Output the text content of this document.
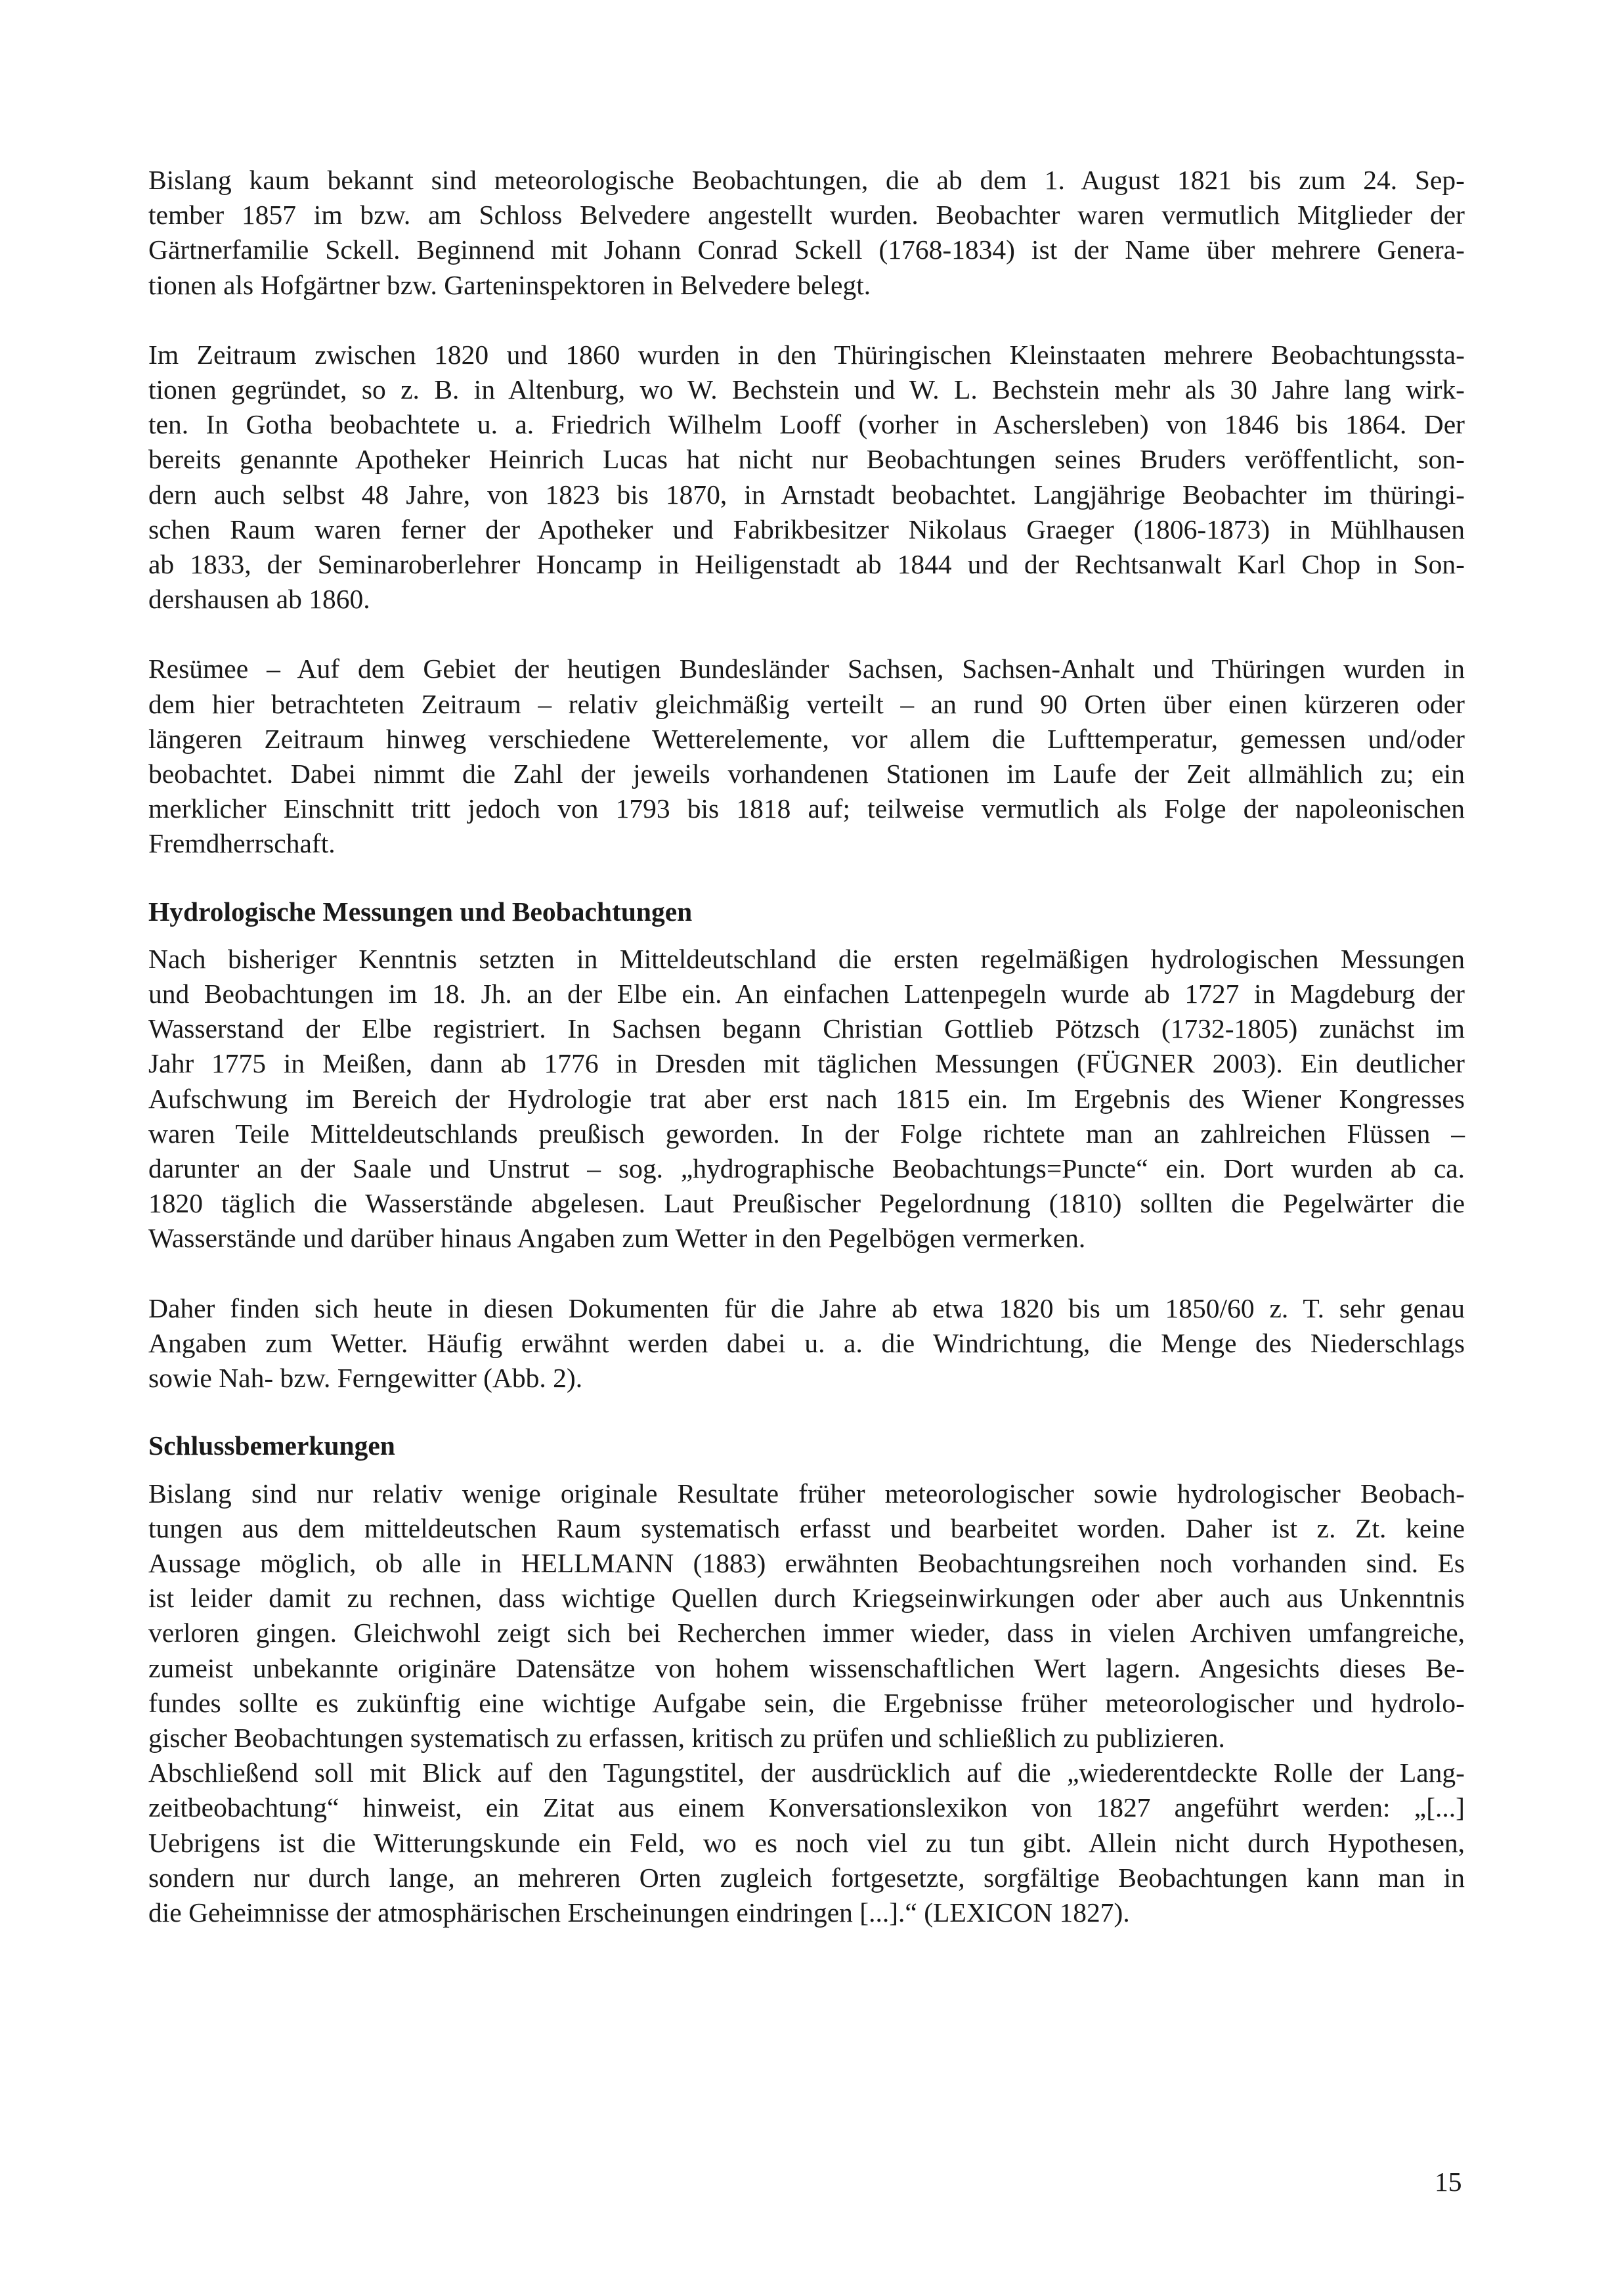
Bislang kaum bekannt sind meteorologische Beobachtungen, die ab dem 1. August 1821 bis zum 24. Sep-
tember 1857 im bzw. am Schloss Belvedere angestellt wurden. Beobachter waren vermutlich Mitglieder der
Gärtnerfamilie Sckell. Beginnend mit Johann Conrad Sckell (1768-1834) ist der Name über mehrere Genera-
tionen als Hofgärtner bzw. Garteninspektoren in Belvedere belegt.

Im Zeitraum zwischen 1820 und 1860 wurden in den Thüringischen Kleinstaaten mehrere Beobachtungssta-
tionen gegründet, so z. B. in Altenburg, wo W. Bechstein und W. L. Bechstein mehr als 30 Jahre lang wirk-
ten. In Gotha beobachtete u. a. Friedrich Wilhelm Looff (vorher in Aschersleben) von 1846 bis 1864. Der
bereits genannte Apotheker Heinrich Lucas hat nicht nur Beobachtungen seines Bruders veröffentlicht, son-
dern auch selbst 48 Jahre, von 1823 bis 1870, in Arnstadt beobachtet. Langjährige Beobachter im thüringi-
schen Raum waren ferner der Apotheker und Fabrikbesitzer Nikolaus Graeger (1806-1873) in Mühlhausen
ab 1833, der Seminaroberlehrer Honcamp in Heiligenstadt ab 1844 und der Rechtsanwalt Karl Chop in Son-
dershausen ab 1860.

Resümee – Auf dem Gebiet der heutigen Bundesländer Sachsen, Sachsen-Anhalt und Thüringen wurden in
dem hier betrachteten Zeitraum – relativ gleichmäßig verteilt – an rund 90 Orten über einen kürzeren oder
längeren Zeitraum hinweg verschiedene Wetterelemente, vor allem die Lufttemperatur, gemessen und/oder
beobachtet. Dabei nimmt die Zahl der jeweils vorhandenen Stationen im Laufe der Zeit allmählich zu; ein
merklicher Einschnitt tritt jedoch von 1793 bis 1818 auf; teilweise vermutlich als Folge der napoleonischen
Fremdherrschaft.

Hydrologische Messungen und Beobachtungen

Nach bisheriger Kenntnis setzten in Mitteldeutschland die ersten regelmäßigen hydrologischen Messungen
und Beobachtungen im 18. Jh. an der Elbe ein. An einfachen Lattenpegeln wurde ab 1727 in Magdeburg der
Wasserstand der Elbe registriert. In Sachsen begann Christian Gottlieb Pötzsch (1732-1805) zunächst im
Jahr 1775 in Meißen, dann ab 1776 in Dresden mit täglichen Messungen (FÜGNER 2003). Ein deutlicher
Aufschwung im Bereich der Hydrologie trat aber erst nach 1815 ein. Im Ergebnis des Wiener Kongresses
waren Teile Mitteldeutschlands preußisch geworden. In der Folge richtete man an zahlreichen Flüssen –
darunter an der Saale und Unstrut – sog. „hydrographische Beobachtungs=Puncte“ ein. Dort wurden ab ca.
1820 täglich die Wasserstände abgelesen. Laut Preußischer Pegelordnung (1810) sollten die Pegelwärter die
Wasserstände und darüber hinaus Angaben zum Wetter in den Pegelbögen vermerken.

Daher finden sich heute in diesen Dokumenten für die Jahre ab etwa 1820 bis um 1850/60 z. T. sehr genau
Angaben zum Wetter. Häufig erwähnt werden dabei u. a. die Windrichtung, die Menge des Niederschlags
sowie Nah- bzw. Ferngewitter (Abb. 2).

Schlussbemerkungen

Bislang sind nur relativ wenige originale Resultate früher meteorologischer sowie hydrologischer Beobach-
tungen aus dem mitteldeutschen Raum systematisch erfasst und bearbeitet worden. Daher ist z. Zt. keine
Aussage möglich, ob alle in HELLMANN (1883) erwähnten Beobachtungsreihen noch vorhanden sind. Es
ist leider damit zu rechnen, dass wichtige Quellen durch Kriegseinwirkungen oder aber auch aus Unkenntnis
verloren gingen. Gleichwohl zeigt sich bei Recherchen immer wieder, dass in vielen Archiven umfangreiche,
zumeist unbekannte originäre Datensätze von hohem wissenschaftlichen Wert lagern. Angesichts dieses Be-
fundes sollte es zukünftig eine wichtige Aufgabe sein, die Ergebnisse früher meteorologischer und hydrolo-
gischer Beobachtungen systematisch zu erfassen, kritisch zu prüfen und schließlich zu publizieren.
Abschließend soll mit Blick auf den Tagungstitel, der ausdrücklich auf die „wiederentdeckte Rolle der Lang-
zeitbeobachtung“ hinweist, ein Zitat aus einem Konversationslexikon von 1827 angeführt werden: „[...]
Uebrigens ist die Witterungskunde ein Feld, wo es noch viel zu tun gibt. Allein nicht durch Hypothesen,
sondern nur durch lange, an mehreren Orten zugleich fortgesetzte, sorgfältige Beobachtungen kann man in
die Geheimnisse der atmosphärischen Erscheinungen eindringen [...].“ (LEXICON 1827).

15
